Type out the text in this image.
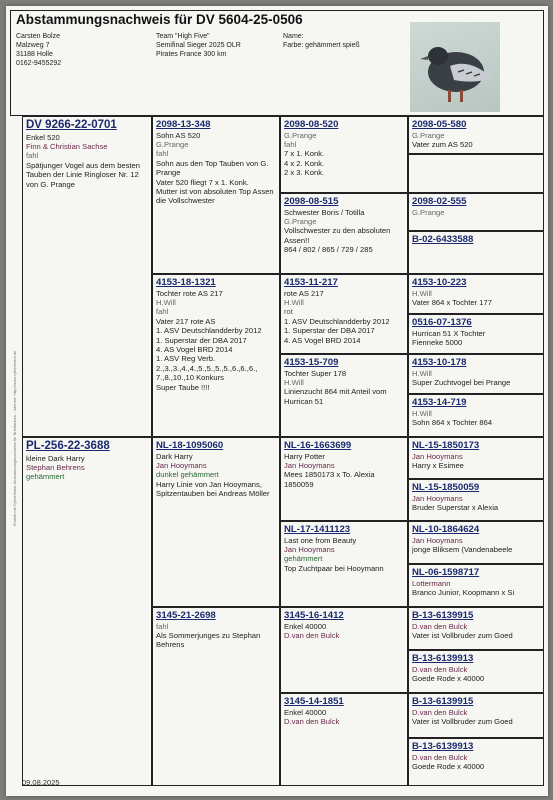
Abstammungsnachweis für DV 5604-25-0506
Carsten Bolze
Malzweg 7
31188 Holle
0162-9455292
Team "High Five"
Semifinal Sieger 2025 OLR
Pirates France 300 km
Name:
Farbe: gehämmert spieß
DV 9266-22-0701
Enkel 520
Finn & Christian Sachse
fahl
Spätjunger Vogel aus dem besten Tauben der Linie Ringloser Nr. 12 von G. Prange
PL-256-22-3688
kleine Dark Harry
Stephan Behrens
gehämmert
2098-13-348
Sohn AS 520
G.Prange
fahl
Sohn aus den Top Tauben von G. Prange
Vater 520 fliegt 7 x 1. Konk.
Mutter ist von absoluten Top Assen die Vollschwester
4153-18-1321
Tochter rote AS 217
H.Will
fahl
Vater 217 rote AS
1. ASV Deutschlandderby 2012
1. Superstar der DBA 2017
4. AS Vogel BRD 2014
1. ASV Reg Verb.
2.,3.,3.,4.,4.,5.,5.,5.,5.,6.,6.,6., 7.,8.,10.,10 Konkurs
Super Taube !!!!
NL-18-1095060
Dark Harry
Jan Hooymans
dunkel gehämmert
Harry Linie von Jan Hooymans, Spitzentauben bei Andreas Möller
3145-21-2698
fahl
Als Sommerjunges zu Stephan Behrens
2098-08-520
G.Prange
fahl
7 x 1. Konk.
4 x 2. Konk.
2 x 3. Konk.
2098-08-515
Schwester Boris / Totilla
G.Prange
Vollschwester zu den absoluten Assen!!
864 / 802 / 865 / 729 / 285
4153-11-217
rote AS 217
H.Will
rot
1. ASV Deutschlandderby 2012
1. Superstar der DBA 2017
4. AS Vogel BRD 2014
4153-15-709
Tochter Super 178
H.Will
Linienzucht 864 mit Anteil vom Hurrican 51
NL-16-1663699
Harry Potter
Jan Hooymans
Mees 1850173 x To. Alexia 1850059
NL-17-1411123
Last one from Beauty
Jan Hooymans
gehämmert
Top Zuchtpaar bei Hooymann
3145-16-1412
Enkel 40000
D.van den Bulck
3145-14-1851
Enkel 40000
D.van den Bulck
2098-05-580
G.Prange
Vater zum AS 520
2098-02-555
G.Prange
B-02-6433588
4153-10-223
H.Will
Vater 864 x Tochter 177
0516-07-1376
Hurrican 51 X Tochter
Fienneke 5000
4153-10-178
H.Will
Super Zuchtvogel bei Prange
4153-14-719
H.Will
Sohn 864 x Tochter 864
NL-15-1850173
Jan Hooymans
Harry x Esimee
NL-15-1850059
Jan Hooymans
Bruder Superstar x Alexia
NL-10-1864624
Jan Hooymans
jonge Bliksem (Vandenabeele
NL-06-1598717
Lottermann
Branco Junior, Koopmann x Si
B-13-6139915
D.van den Bulck
Vater ist Vollbruder zum Goed
B-13-6139913
D.van den Bulck
Goede Rode x 40000
B-13-6139915
D.van den Bulck
Vater ist Vollbruder zum Goed
B-13-6139913
D.van den Bulck
Goede Rode x 40000
Erstellt mit CyberMotor Abstammungsnachweis für Brieftauben - Internet: http://www.cybermotor.de
09.08.2025
